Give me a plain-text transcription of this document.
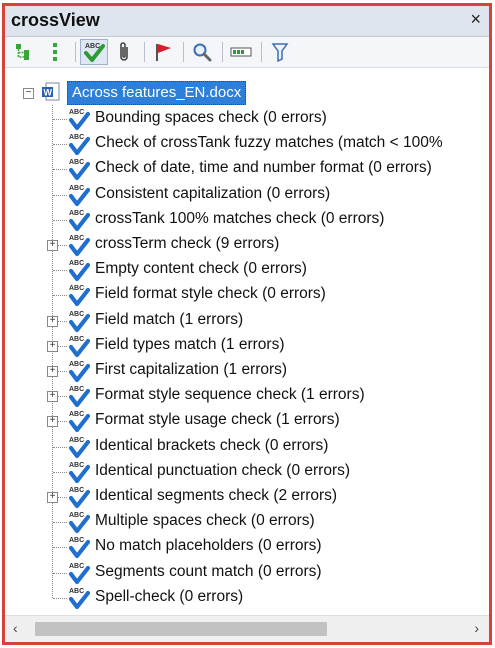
crossView	×
ABC
− W	Across features_EN.docx
ABC Bounding spaces check (0 errors)
ABC Check of crossTank fuzzy matches (match < 100%
ABC Check of date, time and number format (0 errors)
ABC Consistent capitalization (0 errors)
ABC crossTank 100% matches check (0 errors)
+
ABC crossTerm check (9 errors)
ABC Empty content check (0 errors)
ABC Field format style check (0 errors)
+
ABC Field match (1 errors)
+
ABC Field types match (1 errors)
+
ABC First capitalization (1 errors)
+
ABC Format style sequence check (1 errors)
+
ABC Format style usage check (1 errors)
ABC Identical brackets check (0 errors)
ABC Identical punctuation check (0 errors)
+
ABC Identical segments check (2 errors)
ABC Multiple spaces check (0 errors)
ABC No match placeholders (0 errors)
ABC Segments count match (0 errors)
ABC Spell-check (0 errors)
‹	›
